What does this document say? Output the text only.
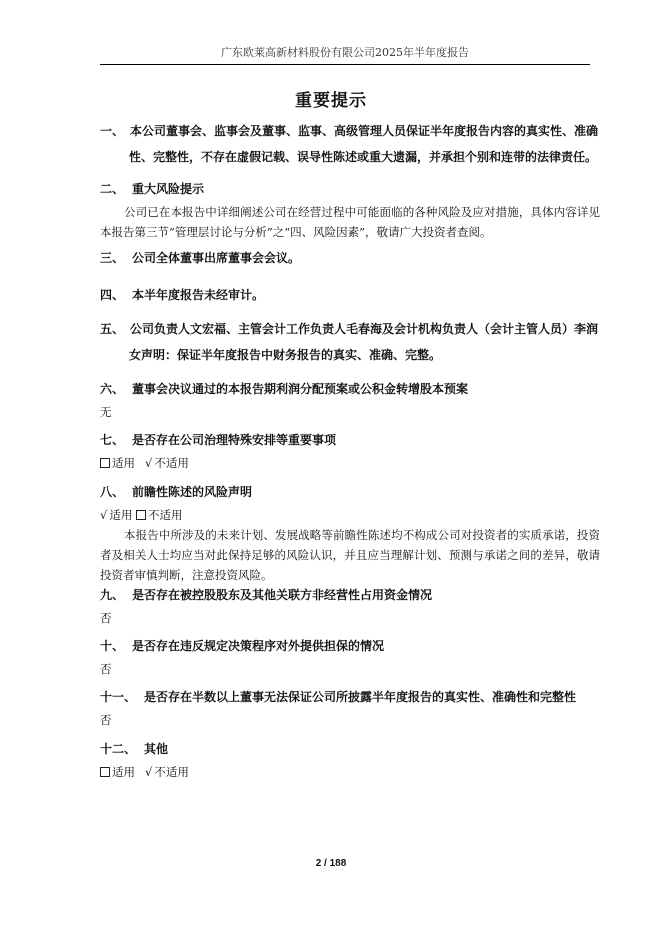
广东欧莱高新材料股份有限公司2025年半年度报告
重要提示
一、 本公司董事会、监事会及董事、监事、高级管理人员保证半年度报告内容的真实性、准确
性、完整性，不存在虚假记载、误导性陈述或重大遗漏，并承担个别和连带的法律责任。
二、 重大风险提示
公司已在本报告中详细阐述公司在经营过程中可能面临的各种风险及应对措施，具体内容详见本报告第三节“管理层讨论与分析”之“四、风险因素”，敬请广大投资者查阅。
三、 公司全体董事出席董事会会议。
四、 本半年度报告未经审计。
五、 公司负责人文宏福、主管会计工作负责人毛春海及会计机构负责人（会计主管人员）李润
女声明：保证半年度报告中财务报告的真实、准确、完整。
六、 董事会决议通过的本报告期利润分配预案或公积金转增股本预案
无
七、 是否存在公司治理特殊安排等重要事项
适用 √ 不适用
八、 前瞻性陈述的风险声明
√ 适用 不适用
本报告中所涉及的未来计划、发展战略等前瞻性陈述均不构成公司对投资者的实质承诺，投资者及相关人士均应当对此保持足够的风险认识，并且应当理解计划、预测与承诺之间的差异，敬请投资者审慎判断，注意投资风险。
九、 是否存在被控股股东及其他关联方非经营性占用资金情况
否
十、 是否存在违反规定决策程序对外提供担保的情况
否
十一、 是否存在半数以上董事无法保证公司所披露半年度报告的真实性、准确性和完整性
否
十二、 其他
适用 √ 不适用
2 / 188
